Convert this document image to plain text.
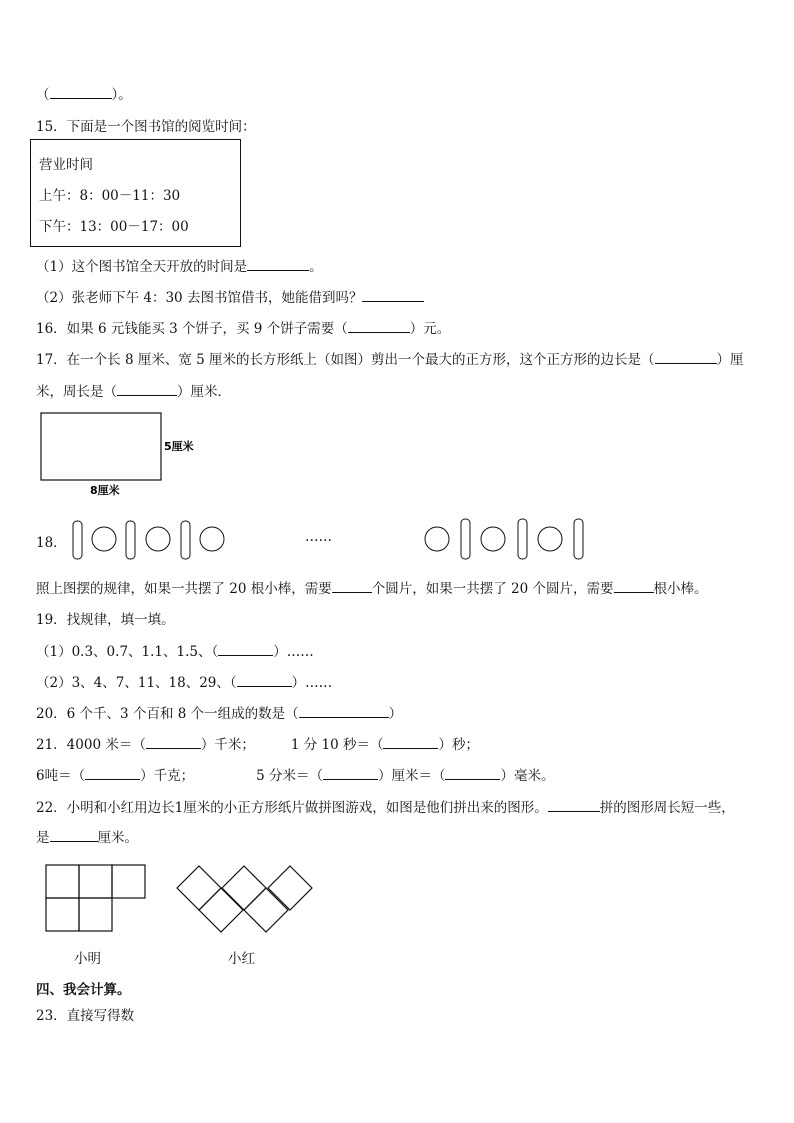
（	）。
15．下面是一个图书馆的阅览时间：
营业时间
上午：8：00－11：30
下午：13：00－17：00
（1）这个图书馆全天开放的时间是	。
（2）张老师下午 4：30 去图书馆借书，她能借到吗？
16．如果 6 元钱能买 3 个饼子，买 9 个饼子需要（	）元。
17．在一个长 8 厘米、宽 5 厘米的长方形纸上（如图）剪出一个最大的正方形，这个正方形的边长是（	）厘
米，周长是（	）厘米．
5厘米
8厘米
18．	……
照上图摆的规律，如果一共摆了 20 根小棒，需要	个圆片，如果一共摆了 20 个圆片，需要	根小棒。
19．找规律，填一填。
（1）0.3、0.7、1.1、1.5、（	）……
（2）3、4、7、11、18、29、（	）……
20．6 个千、3 个百和 8 个一组成的数是（	）
21．4000 米＝（	）千米；	1 分 10 秒＝（	）秒；
6吨＝（	）千克；	5 分米＝（	）厘米＝（	）毫米。
22．小明和小红用边长1厘米的小正方形纸片做拼图游戏，如图是他们拼出来的图形。	拼的图形周长短一些，
是	厘米。
小明	小红
四、我会计算。
23．直接写得数
